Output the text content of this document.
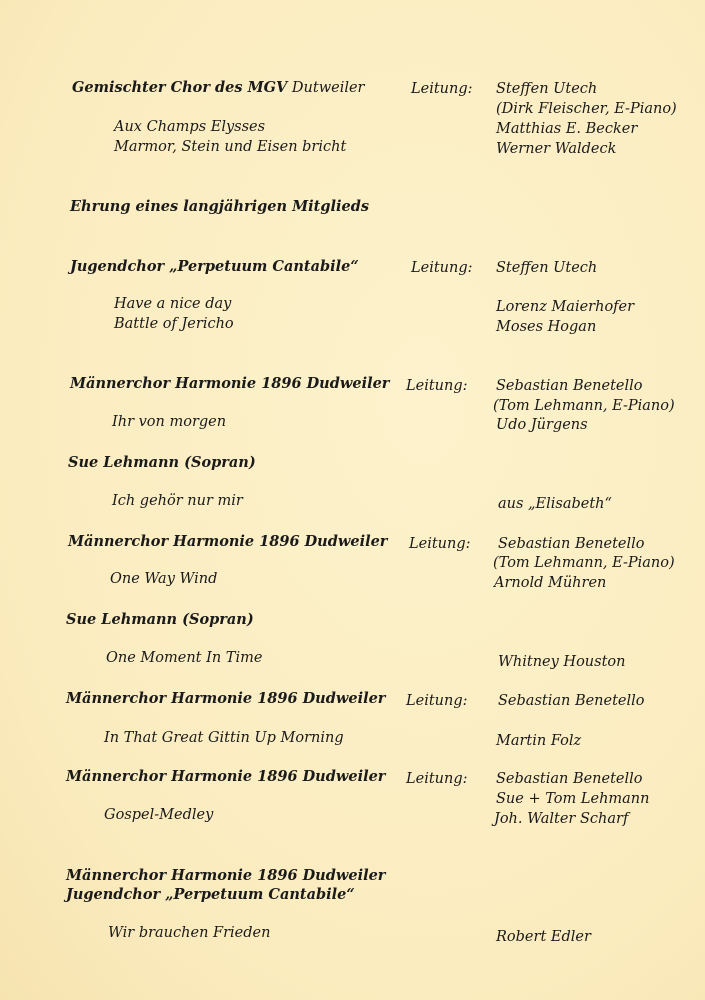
Gemischter Chor des MGV Dutweiler	Leitung: Steffen Utech
(Dirk Fleischer, E-Piano)
Aux Champs Elysses	Matthias E. Becker
Marmor, Stein und Eisen bricht	Werner Waldeck
Ehrung eines langjährigen Mitglieds
Jugendchor „Perpetuum Cantabile“	Leitung: Steffen Utech
Have a nice day	Lorenz Maierhofer
Battle of Jericho	Moses Hogan
Männerchor Harmonie 1896 Dudweiler Leitung: Sebastian Benetello
(Tom Lehmann, E-Piano)
Ihr von morgen	Udo Jürgens
Sue Lehmann (Sopran)
Ich gehör nur mir	aus „Elisabeth“
Männerchor Harmonie 1896 Dudweiler Leitung: Sebastian Benetello
(Tom Lehmann, E-Piano)
One Way Wind	Arnold Mühren
Sue Lehmann (Sopran)
One Moment In Time	Whitney Houston
Männerchor Harmonie 1896 Dudweiler Leitung: Sebastian Benetello
In That Great Gittin Up Morning	Martin Folz
Männerchor Harmonie 1896 Dudweiler Leitung: Sebastian Benetello
Sue + Tom Lehmann
Gospel-Medley	Joh. Walter Scharf
Männerchor Harmonie 1896 Dudweiler
Jugendchor „Perpetuum Cantabile“
Wir brauchen Frieden	Robert Edler
